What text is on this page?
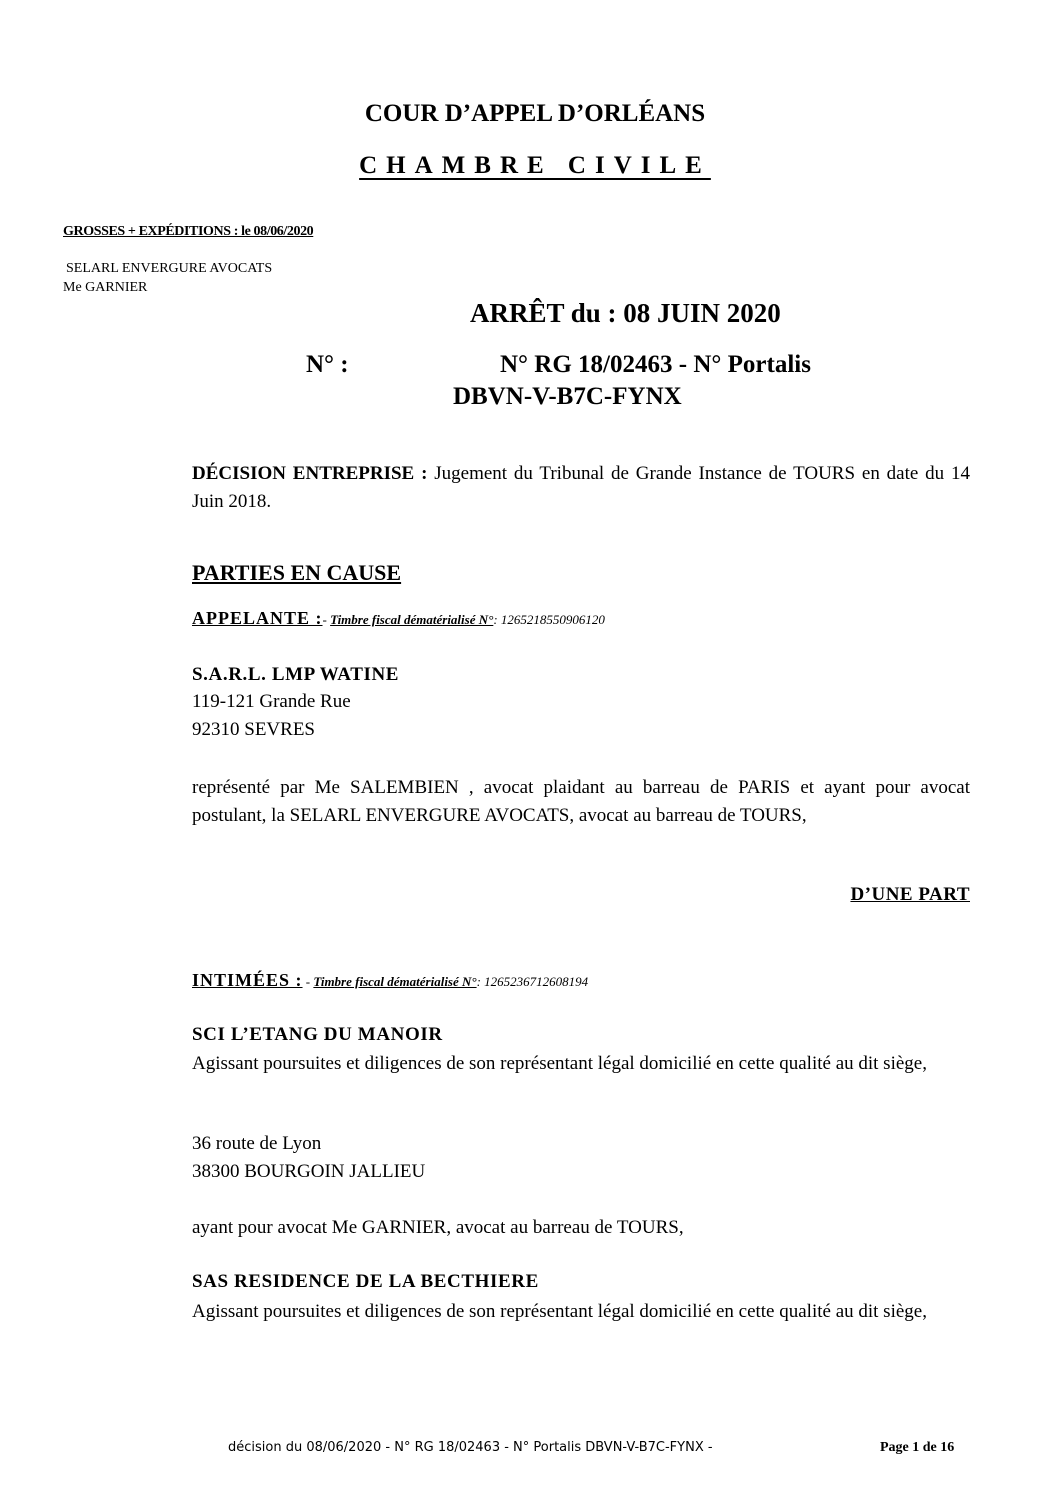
COUR D’APPEL D’ORLÉANS
CHAMBRE CIVILE
GROSSES + EXPÉDITIONS : le 08/06/2020
SELARL ENVERGURE AVOCATS
Me GARNIER
ARRÊT du : 08 JUIN 2020
N° :	N° RG 18/02463 - N° Portalis
DBVN-V-B7C-FYNX
DÉCISION ENTREPRISE : Jugement du Tribunal de Grande Instance de TOURS en date du 14 Juin 2018.
PARTIES EN CAUSE
APPELANTE :- Timbre fiscal dématérialisé N°: 1265218550906120
S.A.R.L. LMP WATINE
119-121 Grande Rue
92310 SEVRES
représenté par Me SALEMBIEN , avocat plaidant au barreau de PARIS et ayant pour avocat postulant, la SELARL ENVERGURE AVOCATS, avocat au barreau de TOURS,
D’UNE PART
INTIMÉES : - Timbre fiscal dématérialisé N°: 1265236712608194
SCI L’ETANG DU MANOIR
Agissant poursuites et diligences de son représentant légal domicilié en cette qualité au dit siège,
36 route de Lyon
38300 BOURGOIN JALLIEU
ayant pour avocat Me GARNIER, avocat au barreau de TOURS,
SAS RESIDENCE DE LA BECTHIERE
Agissant poursuites et diligences de son représentant légal domicilié en cette qualité au dit siège,
décision du 08/06/2020 - N° RG 18/02463 - N° Portalis DBVN-V-B7C-FYNX -	Page 1 de 16
